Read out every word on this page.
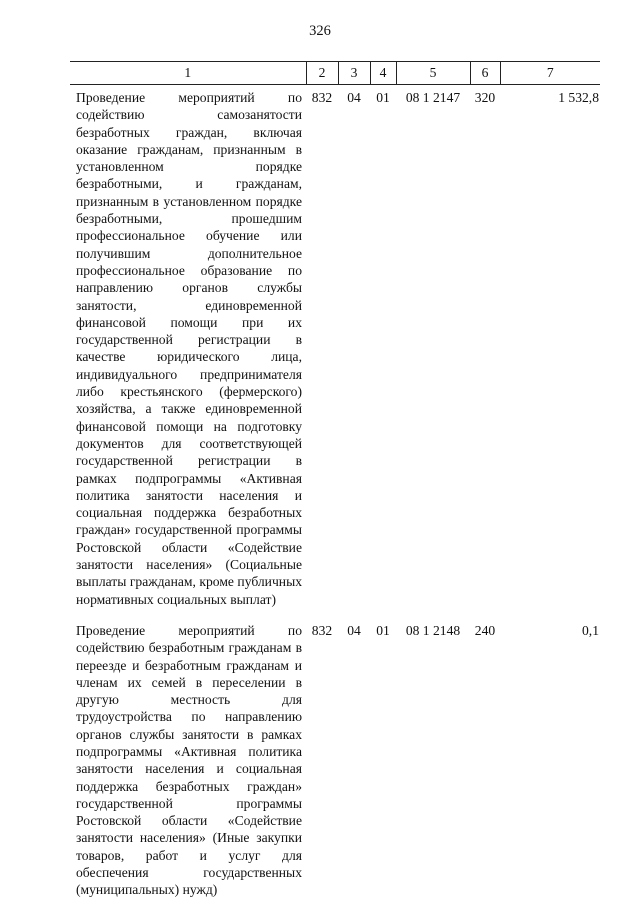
326
1	2	3	4	5	6	7
Проведение мероприятий по содействию самозанятости безработных граждан, включая оказание гражданам, признанным в установленном порядке безработными, и гражданам, признанным в установленном порядке безработными, прошедшим профессиональное обучение или получившим дополнительное профессиональное образование по направлению органов службы занятости, единовременной финансовой помощи при их государственной регистрации в качестве юридического лица, индивидуального предпринимателя либо крестьянского (фермерского) хозяйства, а также единовременной финансовой помощи на подготовку документов для соответствующей государственной регистрации в рамках подпрограммы «Активная политика занятости населения и социальная поддержка безработных граждан» государственной программы Ростовской области «Содействие занятости населения» (Социальные выплаты гражданам, кроме публичных нормативных социальных выплат)	832	04	01	08 1 2147	320	1 532,8

Проведение мероприятий по содействию безработным гражданам в переезде и безработным гражданам и членам их семей в переселении в другую местность для трудоустройства по направлению органов службы занятости в рамках подпрограммы «Активная политика занятости населения и социальная поддержка безработных граждан» государственной программы Ростовской области «Содействие занятости населения» (Иные закупки товаров, работ и услуг для обеспечения государственных (муниципальных) нужд)	832	04	01	08 1 2148	240	0,1
